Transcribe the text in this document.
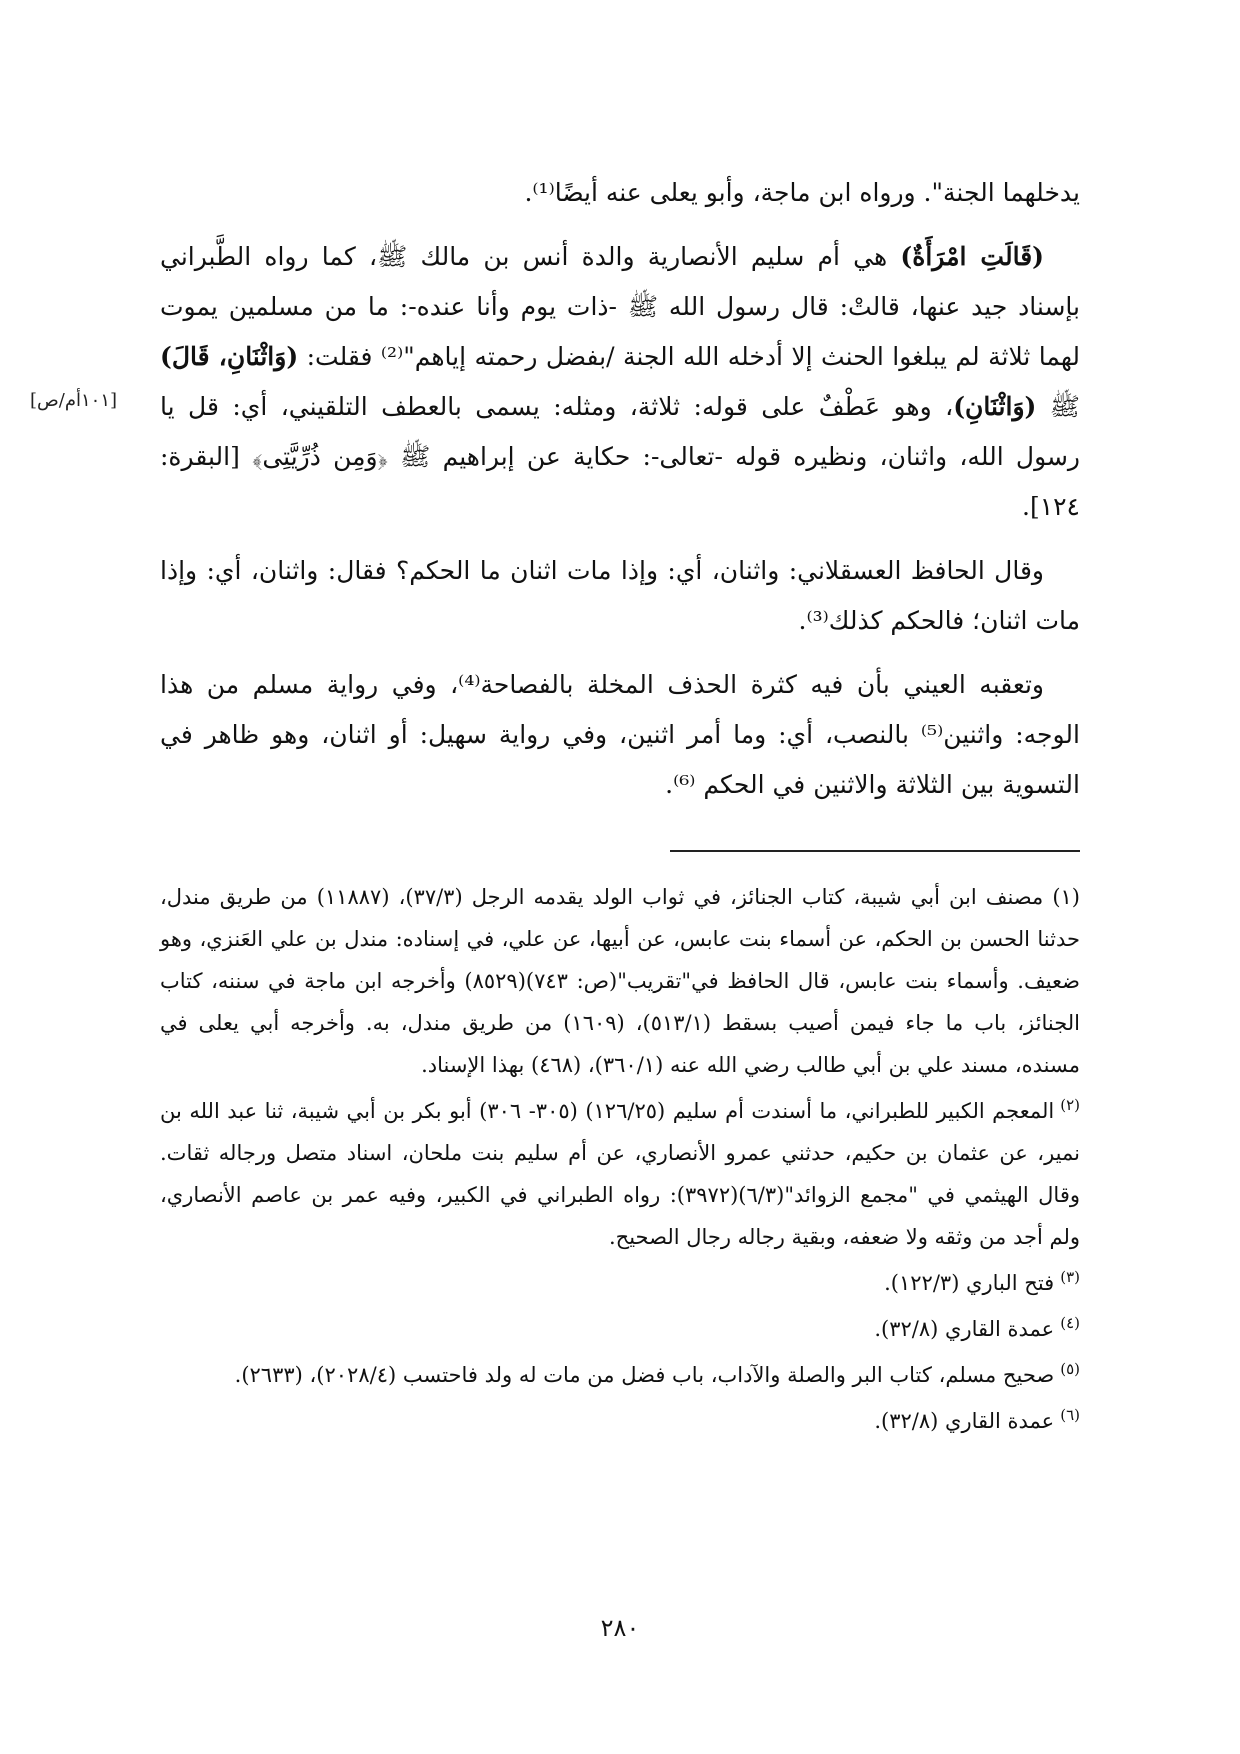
[١٠١أم/ص]

يدخلهما الجنة". ورواه ابن ماجة، وأبو يعلى عنه أيضًا⁽¹⁾.

(قَالَتِ امْرَأَةٌ) هي أم سليم الأنصارية والدة أنس بن مالك ﷺ، كما رواه الطَّبراني بإسناد جيد عنها، قالتْ: قال رسول الله ﷺ -ذات يوم وأنا عنده-: ما من مسلمين يموت لهما ثلاثة لم يبلغوا الحنث إلا أدخله الله الجنة /بفضل رحمته إياهم"⁽²⁾ فقلت: (وَاثْنَانِ، قَالَ) ﷺ (وَاثْنَانِ)، وهو عَطْفٌ على قوله: ثلاثة، ومثله: يسمى بالعطف التلقيني، أي: قل يا رسول الله، واثنان، ونظيره قوله -تعالى-: حكاية عن إبراهيم ﷺ ﴿وَمِن ذُرِّيَّتِى﴾ [البقرة: ١٢٤].

وقال الحافظ العسقلاني: واثنان، أي: وإذا مات اثنان ما الحكم؟ فقال: واثنان، أي: وإذا مات اثنان؛ فالحكم كذلك⁽³⁾.

وتعقبه العيني بأن فيه كثرة الحذف المخلة بالفصاحة⁽⁴⁾، وفي رواية مسلم من هذا الوجه: واثنين⁽⁵⁾ بالنصب، أي: وما أمر اثنين، وفي رواية سهيل: أو اثنان، وهو ظاهر في التسوية بين الثلاثة والاثنين في الحكم ⁽⁶⁾.

(١) مصنف ابن أبي شيبة، كتاب الجنائز، في ثواب الولد يقدمه الرجل (٣٧/٣)، (١١٨٨٧) من طريق مندل، حدثنا الحسن بن الحكم، عن أسماء بنت عابس، عن أبيها، عن علي، في إسناده: مندل بن علي العَنزي، وهو ضعيف. وأسماء بنت عابس، قال الحافظ في"تقريب"(ص: ٧٤٣)(٨٥٢٩) وأخرجه ابن ماجة في سننه، كتاب الجنائز، باب ما جاء فيمن أصيب بسقط (٥١٣/١)، (١٦٠٩) من طريق مندل، به. وأخرجه أبي يعلى في مسنده، مسند علي بن أبي طالب رضي الله عنه (٣٦٠/١)، (٤٦٨) بهذا الإسناد.
$^{(٢)}$المعجم الكبير للطبراني، ما أسندت أم سليم (١٢٦/٢٥) (٣٠٥- ٣٠٦) أبو بكر بن أبي شيبة، ثنا عبد الله بن نمير، عن عثمان بن حكيم، حدثني عمرو الأنصاري، عن أم سليم بنت ملحان، اسناد متصل ورجاله ثقات. وقال الهيثمي في "مجمع الزوائد"(٦/٣)(٣٩٧٢): رواه الطبراني في الكبير، وفيه عمر بن عاصم الأنصاري، ولم أجد من وثقه ولا ضعفه، وبقية رجاله رجال الصحيح.
$^{(٣)}$فتح الباري (١٢٢/٣).
$^{(٤)}$عمدة القاري (٣٢/٨).
$^{(٥)}$صحيح مسلم، كتاب البر والصلة والآداب، باب فضل من مات له ولد فاحتسب (٢٠٢٨/٤)، (٢٦٣٣).
$^{(٦)}$عمدة القاري (٣٢/٨).
٢٨٠
